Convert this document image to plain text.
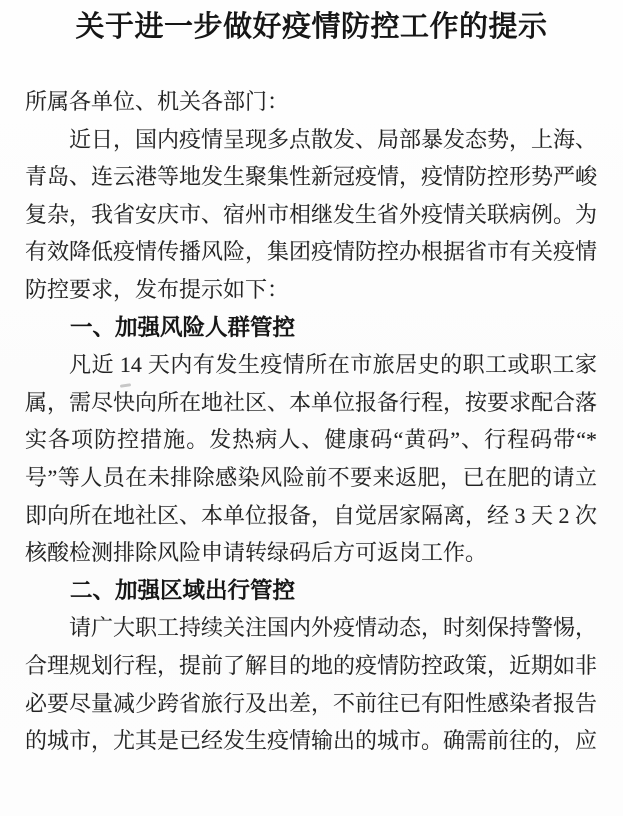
关于进一步做好疫情防控工作的提示

所属各单位、机关各部门：

近日，国内疫情呈现多点散发、局部暴发态势，上海、青岛、连云港等地发生聚集性新冠疫情，疫情防控形势严峻复杂，我省安庆市、宿州市相继发生省外疫情关联病例。为有效降低疫情传播风险，集团疫情防控办根据省市有关疫情防控要求，发布提示如下：

一、加强风险人群管控

凡近 14 天内有发生疫情所在市旅居史的职工或职工家属，需尽快向所在地社区、本单位报备行程，按要求配合落实各项防控措施。发热病人、健康码“黄码”、行程码带“*号”等人员在未排除感染风险前不要来返肥，已在肥的请立即向所在地社区、本单位报备，自觉居家隔离，经 3 天 2 次核酸检测排除风险申请转绿码后方可返岗工作。

二、加强区域出行管控

请广大职工持续关注国内外疫情动态，时刻保持警惕，合理规划行程，提前了解目的地的疫情防控政策，近期如非必要尽量减少跨省旅行及出差，不前往已有阳性感染者报告的城市，尤其是已经发生疫情输出的城市。确需前往的，应
